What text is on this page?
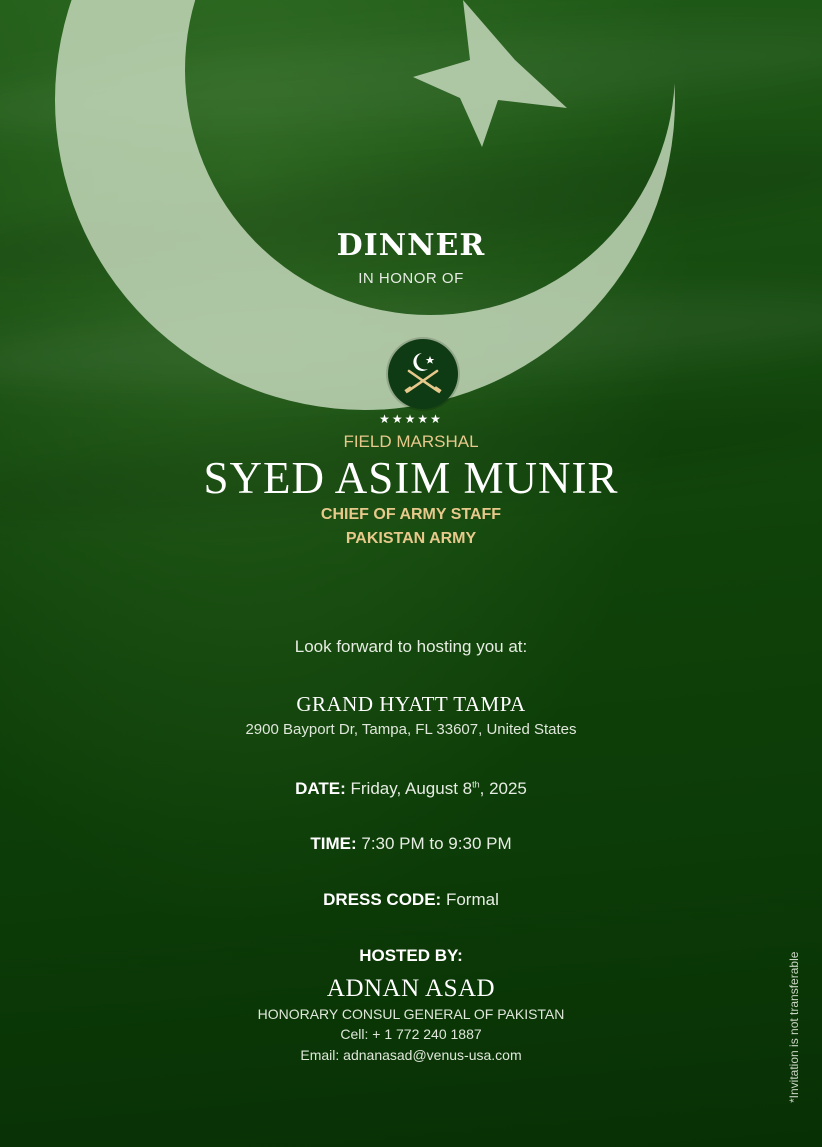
DINNER
IN HONOR OF
★★★★★
FIELD MARSHAL
SYED ASIM MUNIR
CHIEF OF ARMY STAFF
PAKISTAN ARMY
Look forward to hosting you at:
GRAND HYATT TAMPA
2900 Bayport Dr, Tampa, FL 33607, United States
DATE: Friday, August 8th, 2025
TIME: 7:30 PM to 9:30 PM
DRESS CODE: Formal
HOSTED BY:
ADNAN ASAD
HONORARY CONSUL GENERAL OF PAKISTAN
Cell: + 1 772 240 1887
Email: adnanasad@venus-usa.com	*Invitation is not transferable
